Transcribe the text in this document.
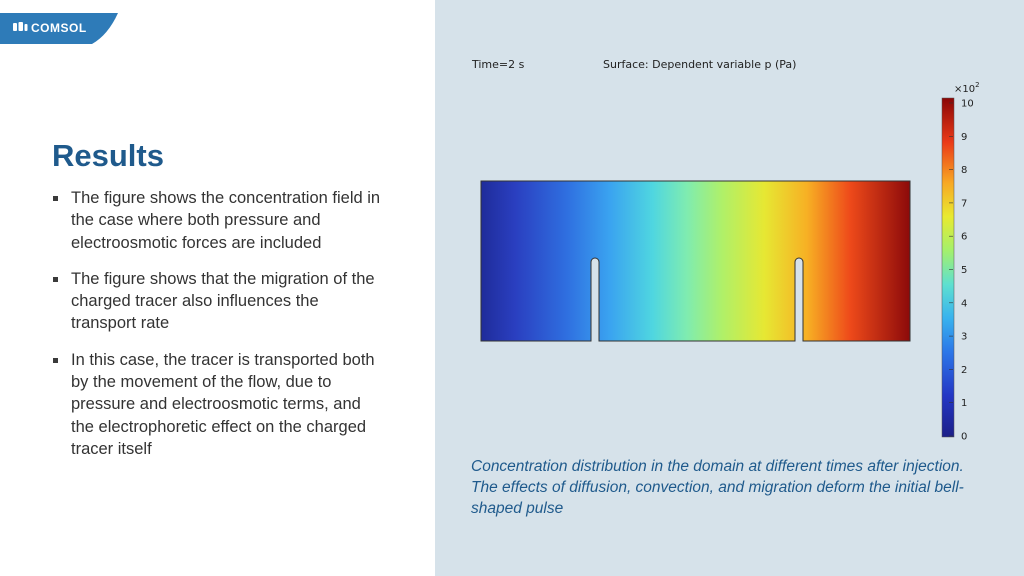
COMSOL
Results
The figure shows the concentration field in the case where both pressure and electroosmotic forces are included
The figure shows that the migration of the charged tracer also influences the transport rate
In this case, the tracer is transported both by the movement of the flow, due to pressure and electroosmotic terms, and the electrophoretic effect on the charged tracer itself
Time=2 s	Surface: Dependent variable p (Pa)
$\times 10^2$
10
9
8
7
6
5
4
3
2
1
0

Concentration distribution in the domain at different times after injection. The effects of diffusion, convection, and migration deform the initial bell-shaped pulse
